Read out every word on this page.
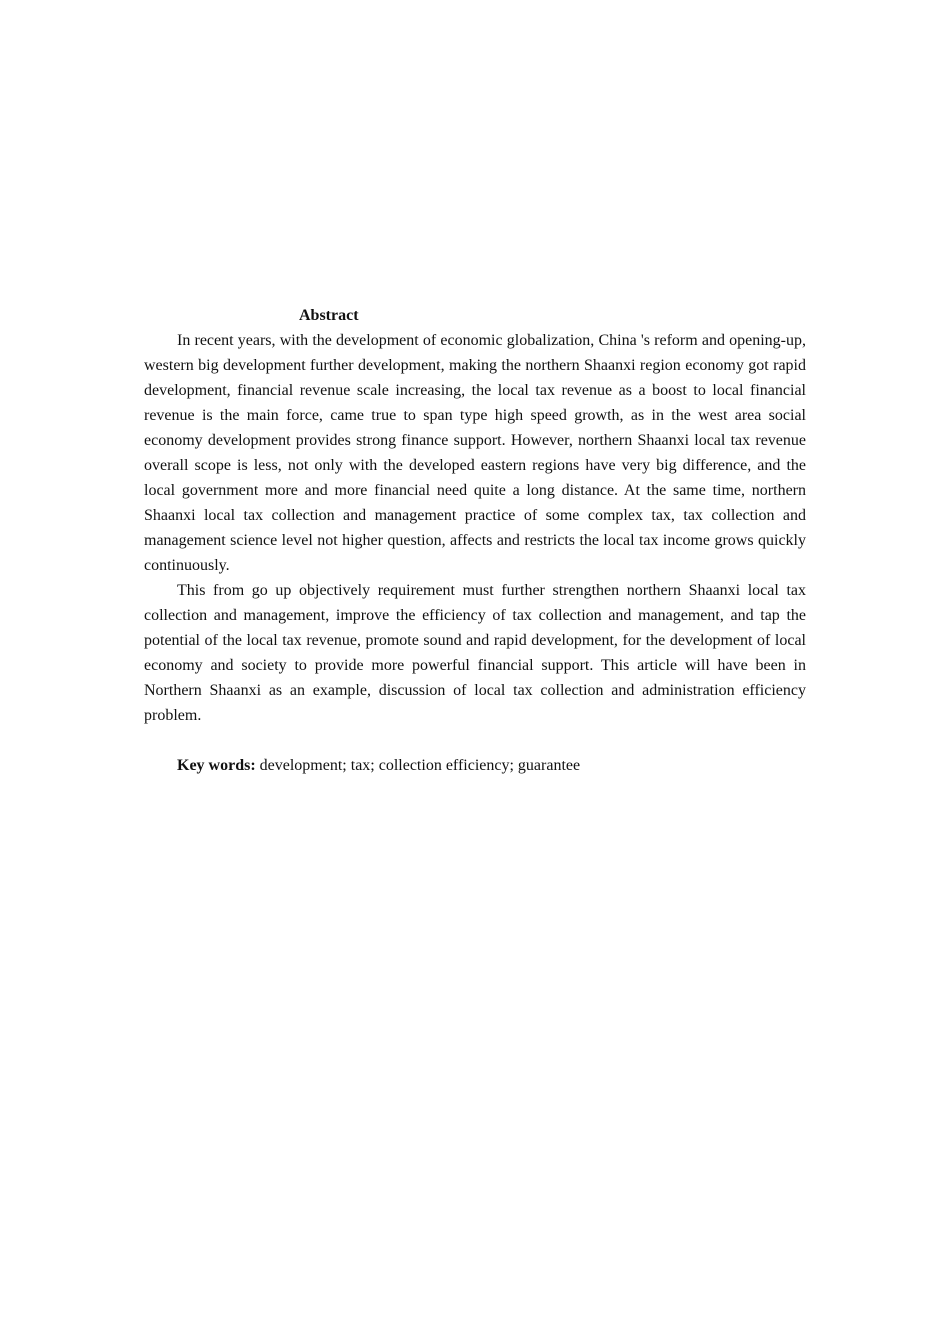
Abstract

In recent years, with the development of economic globalization, China 's reform and opening-up, western big development further development, making the northern Shaanxi region economy got rapid development, financial revenue scale increasing, the local tax revenue as a boost to local financial revenue is the main force, came true to span type high speed growth, as in the west area social economy development provides strong finance support. However, northern Shaanxi local tax revenue overall scope is less, not only with the developed eastern regions have very big difference, and the local government more and more financial need quite a long distance. At the same time, northern Shaanxi local tax collection and management practice of some complex tax, tax collection and management science level not higher question, affects and restricts the local tax income grows quickly continuously.

This from go up objectively requirement must further strengthen northern Shaanxi local tax collection and management, improve the efficiency of tax collection and management, and tap the potential of the local tax revenue, promote sound and rapid development, for the development of local economy and society to provide more powerful financial support. This article will have been in Northern Shaanxi as an example, discussion of local tax collection and administration efficiency problem.

Key words: development; tax; collection efficiency; guarantee
